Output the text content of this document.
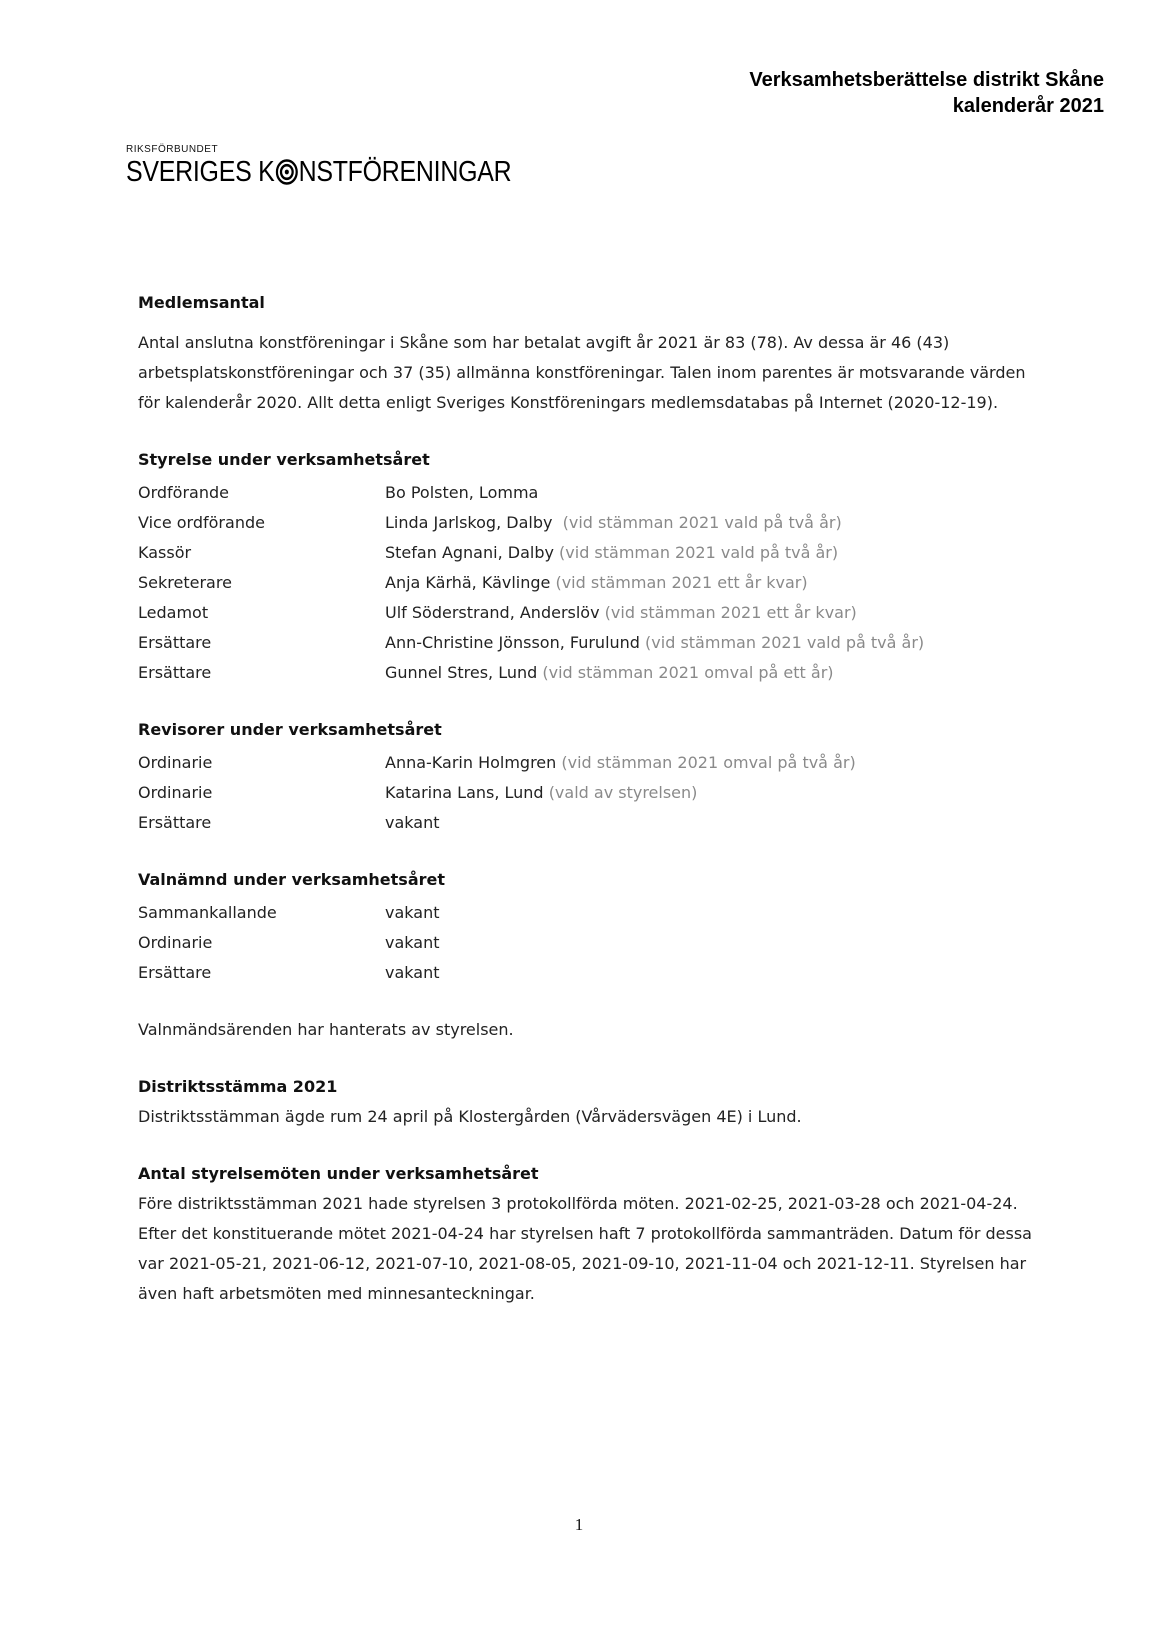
Verksamhetsberättelse distrikt Skåne
kalenderår 2021
RIKSFÖRBUNDET
SVERIGES K NSTFÖRENINGAR
Medlemsantal

Antal anslutna konstföreningar i Skåne som har betalat avgift år 2021 är 83 (78). Av dessa är 46 (43) arbetsplatskonstföreningar och 37 (35) allmänna konstföreningar. Talen inom parentes är motsvarande värden för kalenderår 2020. Allt detta enligt Sveriges Konstföreningars medlemsdatabas på Internet (2020-12-19).

Styrelse under verksamhetsåret
Ordförande	Bo Polsten, Lomma
Vice ordförande	Linda Jarlskog, Dalby
(vid stämman 2021 vald på två år)
Kassör	Stefan Agnani, Dalby
(vid stämman 2021 vald på två år)
Sekreterare	Anja Kärhä, Kävlinge
(vid stämman 2021 ett år kvar)
Ledamot	Ulf Söderstrand, Anderslöv
(vid stämman 2021 ett år kvar)
Ersättare	Ann-Christine Jönsson, Furulund
(vid stämman 2021 vald på två år)
Ersättare	Gunnel Stres, Lund
(vid stämman 2021 omval på ett år)
Revisorer under verksamhetsåret
Ordinarie	Anna-Karin Holmgren
(vid stämman 2021 omval på två år)
Ordinarie	Katarina Lans, Lund
(vald av styrelsen)
Ersättare	vakant
Valnämnd under verksamhetsåret
Sammankallande	vakant
Ordinarie	vakant
Ersättare	vakant

Valnmändsärenden har hanterats av styrelsen.

Distriktsstämma 2021

Distriktsstämman ägde rum 24 april på Klostergården (Vårvädersvägen 4E) i Lund.

Antal styrelsemöten under verksamhetsåret

Före distriktsstämman 2021 hade styrelsen 3 protokollförda möten. 2021-02-25, 2021-03-28 och 2021-04-24. Efter det konstituerande mötet 2021-04-24 har styrelsen haft 7 protokollförda sammanträden. Datum för dessa var 2021-05-21, 2021-06-12, 2021-07-10, 2021-08-05, 2021-09-10, 2021-11-04 och 2021-12-11. Styrelsen har även haft arbetsmöten med minnesanteckningar.

1
